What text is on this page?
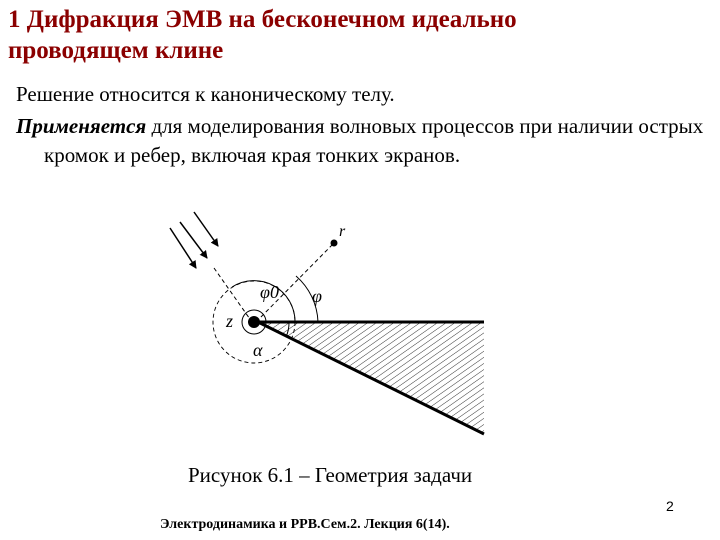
1 Дифракция ЭМВ на бесконечном идеально
проводящем клине

Решение относится к каноническому телу.

Применяется для моделирования волновых процессов при наличии острых кромок и ребер, включая края тонких экранов.

r
φ0 φ
z
α
Рисунок 6.1 – Геометрия задачи
2
Электродинамика и РРВ.Сем.2. Лекция 6(14).
